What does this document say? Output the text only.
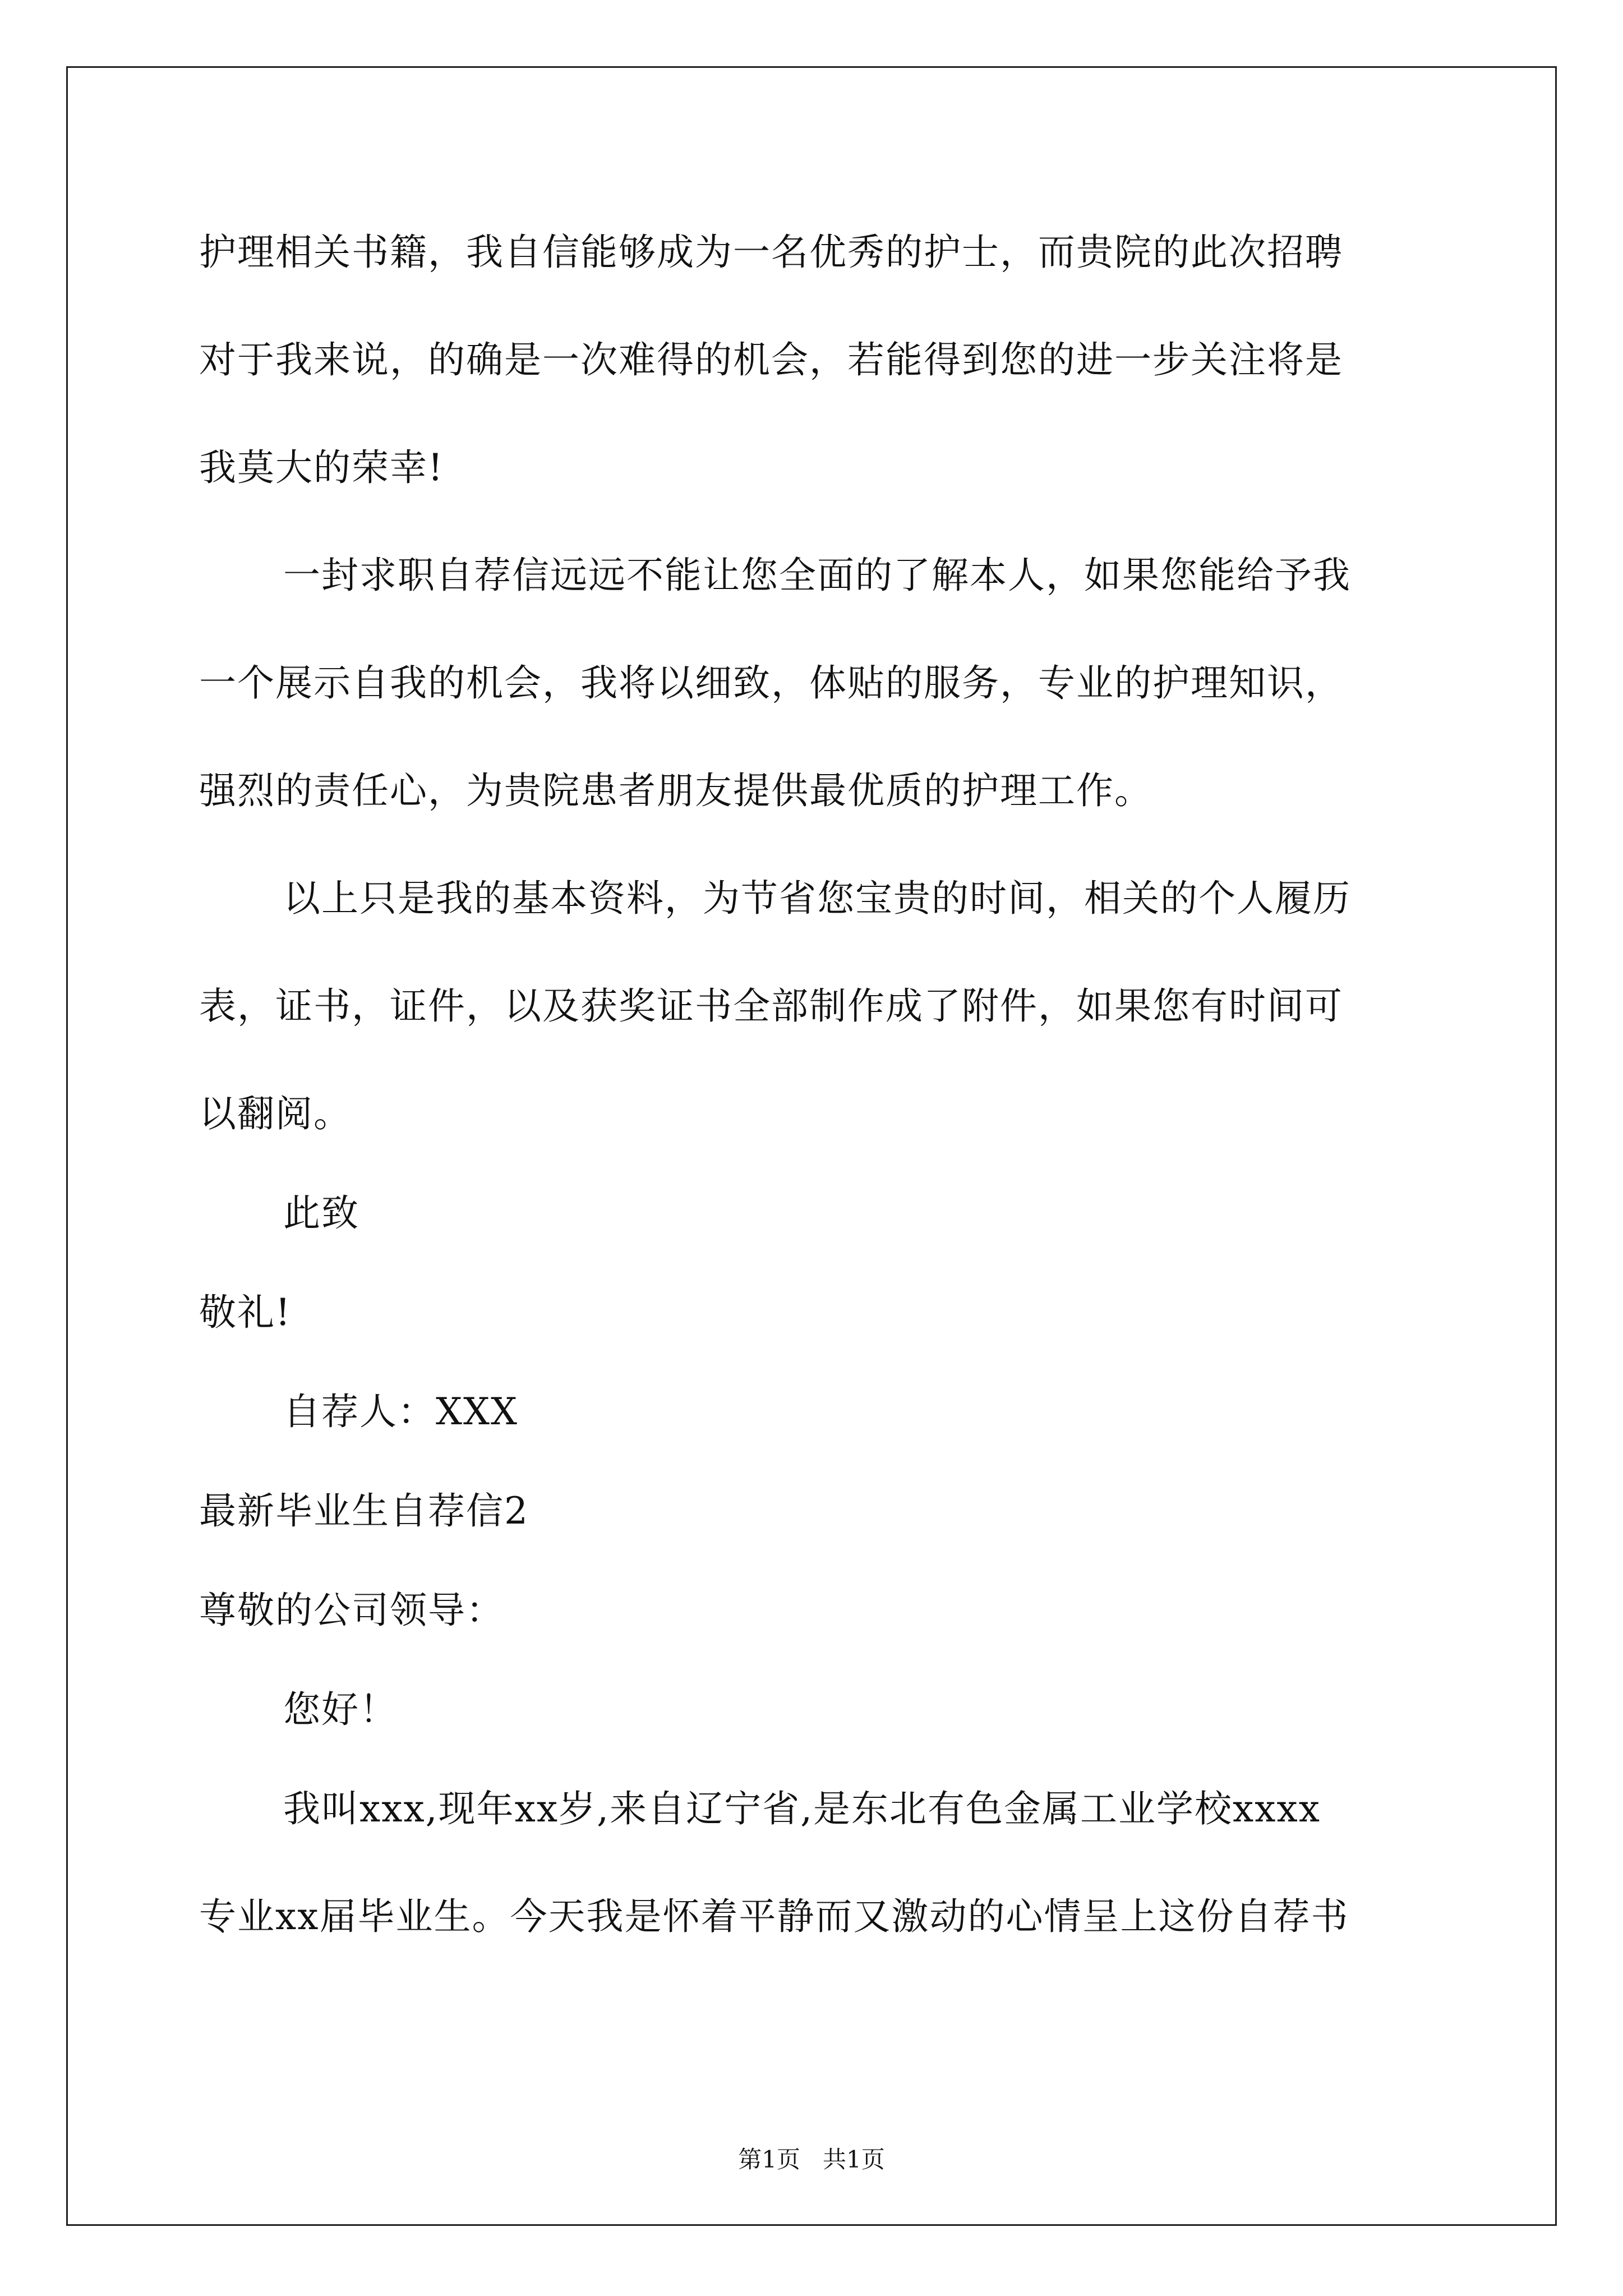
护理相关书籍，我自信能够成为一名优秀的护士，而贵院的此次招聘
对于我来说，的确是一次难得的机会，若能得到您的进一步关注将是
我莫大的荣幸!
一封求职自荐信远远不能让您全面的了解本人，如果您能给予我
一个展示自我的机会，我将以细致，体贴的服务，专业的护理知识，
强烈的责任心，为贵院患者朋友提供最优质的护理工作。
以上只是我的基本资料，为节省您宝贵的时间，相关的个人履历
表，证书，证件，以及获奖证书全部制作成了附件，如果您有时间可
以翻阅。
此致
敬礼!
自荐人：XXX
最新毕业生自荐信2
尊敬的公司领导：
您好！
我叫xxx,现年xx岁,来自辽宁省,是东北有色金属工业学校xxxx
专业xx届毕业生。今天我是怀着平静而又激动的心情呈上这份自荐书
第1页   共1页
